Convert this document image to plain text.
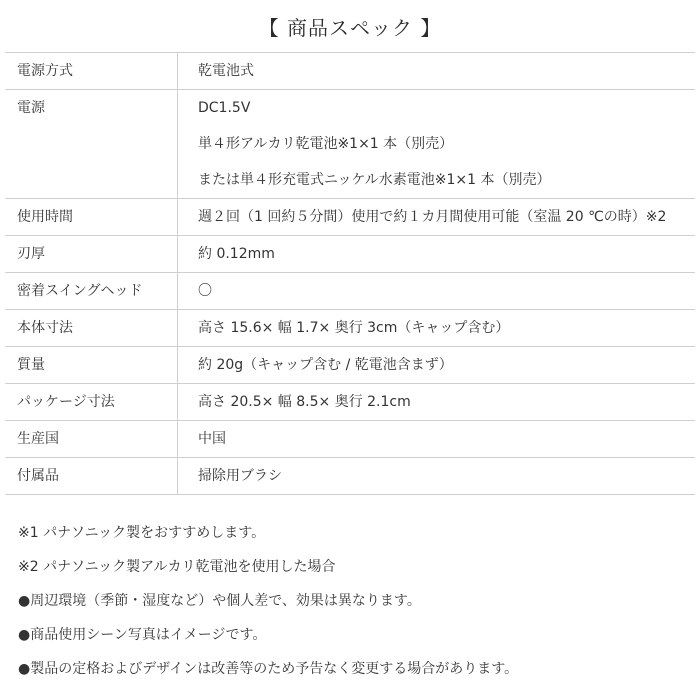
【 商品スペック 】
電源方式	乾電池式

電源	DC1.5V
単４形アルカリ乾電池※1×1 本（別売）
または単４形充電式ニッケル水素電池※1×1 本（別売）

使用時間	週２回（1 回約５分間）使用で約１カ月間使用可能（室温 20 ℃の時）※2

刃厚	約 0.12mm

密着スイングヘッド	〇

本体寸法	高さ 15.6× 幅 1.7× 奥行 3cm（キャップ含む）

質量	約 20g（キャップ含む / 乾電池含まず）

パッケージ寸法	高さ 20.5× 幅 8.5× 奥行 2.1cm

生産国	中国

付属品	掃除用ブラシ
※1 パナソニック製をおすすめします。
※2 パナソニック製アルカリ乾電池を使用した場合
●周辺環境（季節・湿度など）や個人差で、効果は異なります。
●商品使用シーン写真はイメージです。
●製品の定格およびデザインは改善等のため予告なく変更する場合があります。
